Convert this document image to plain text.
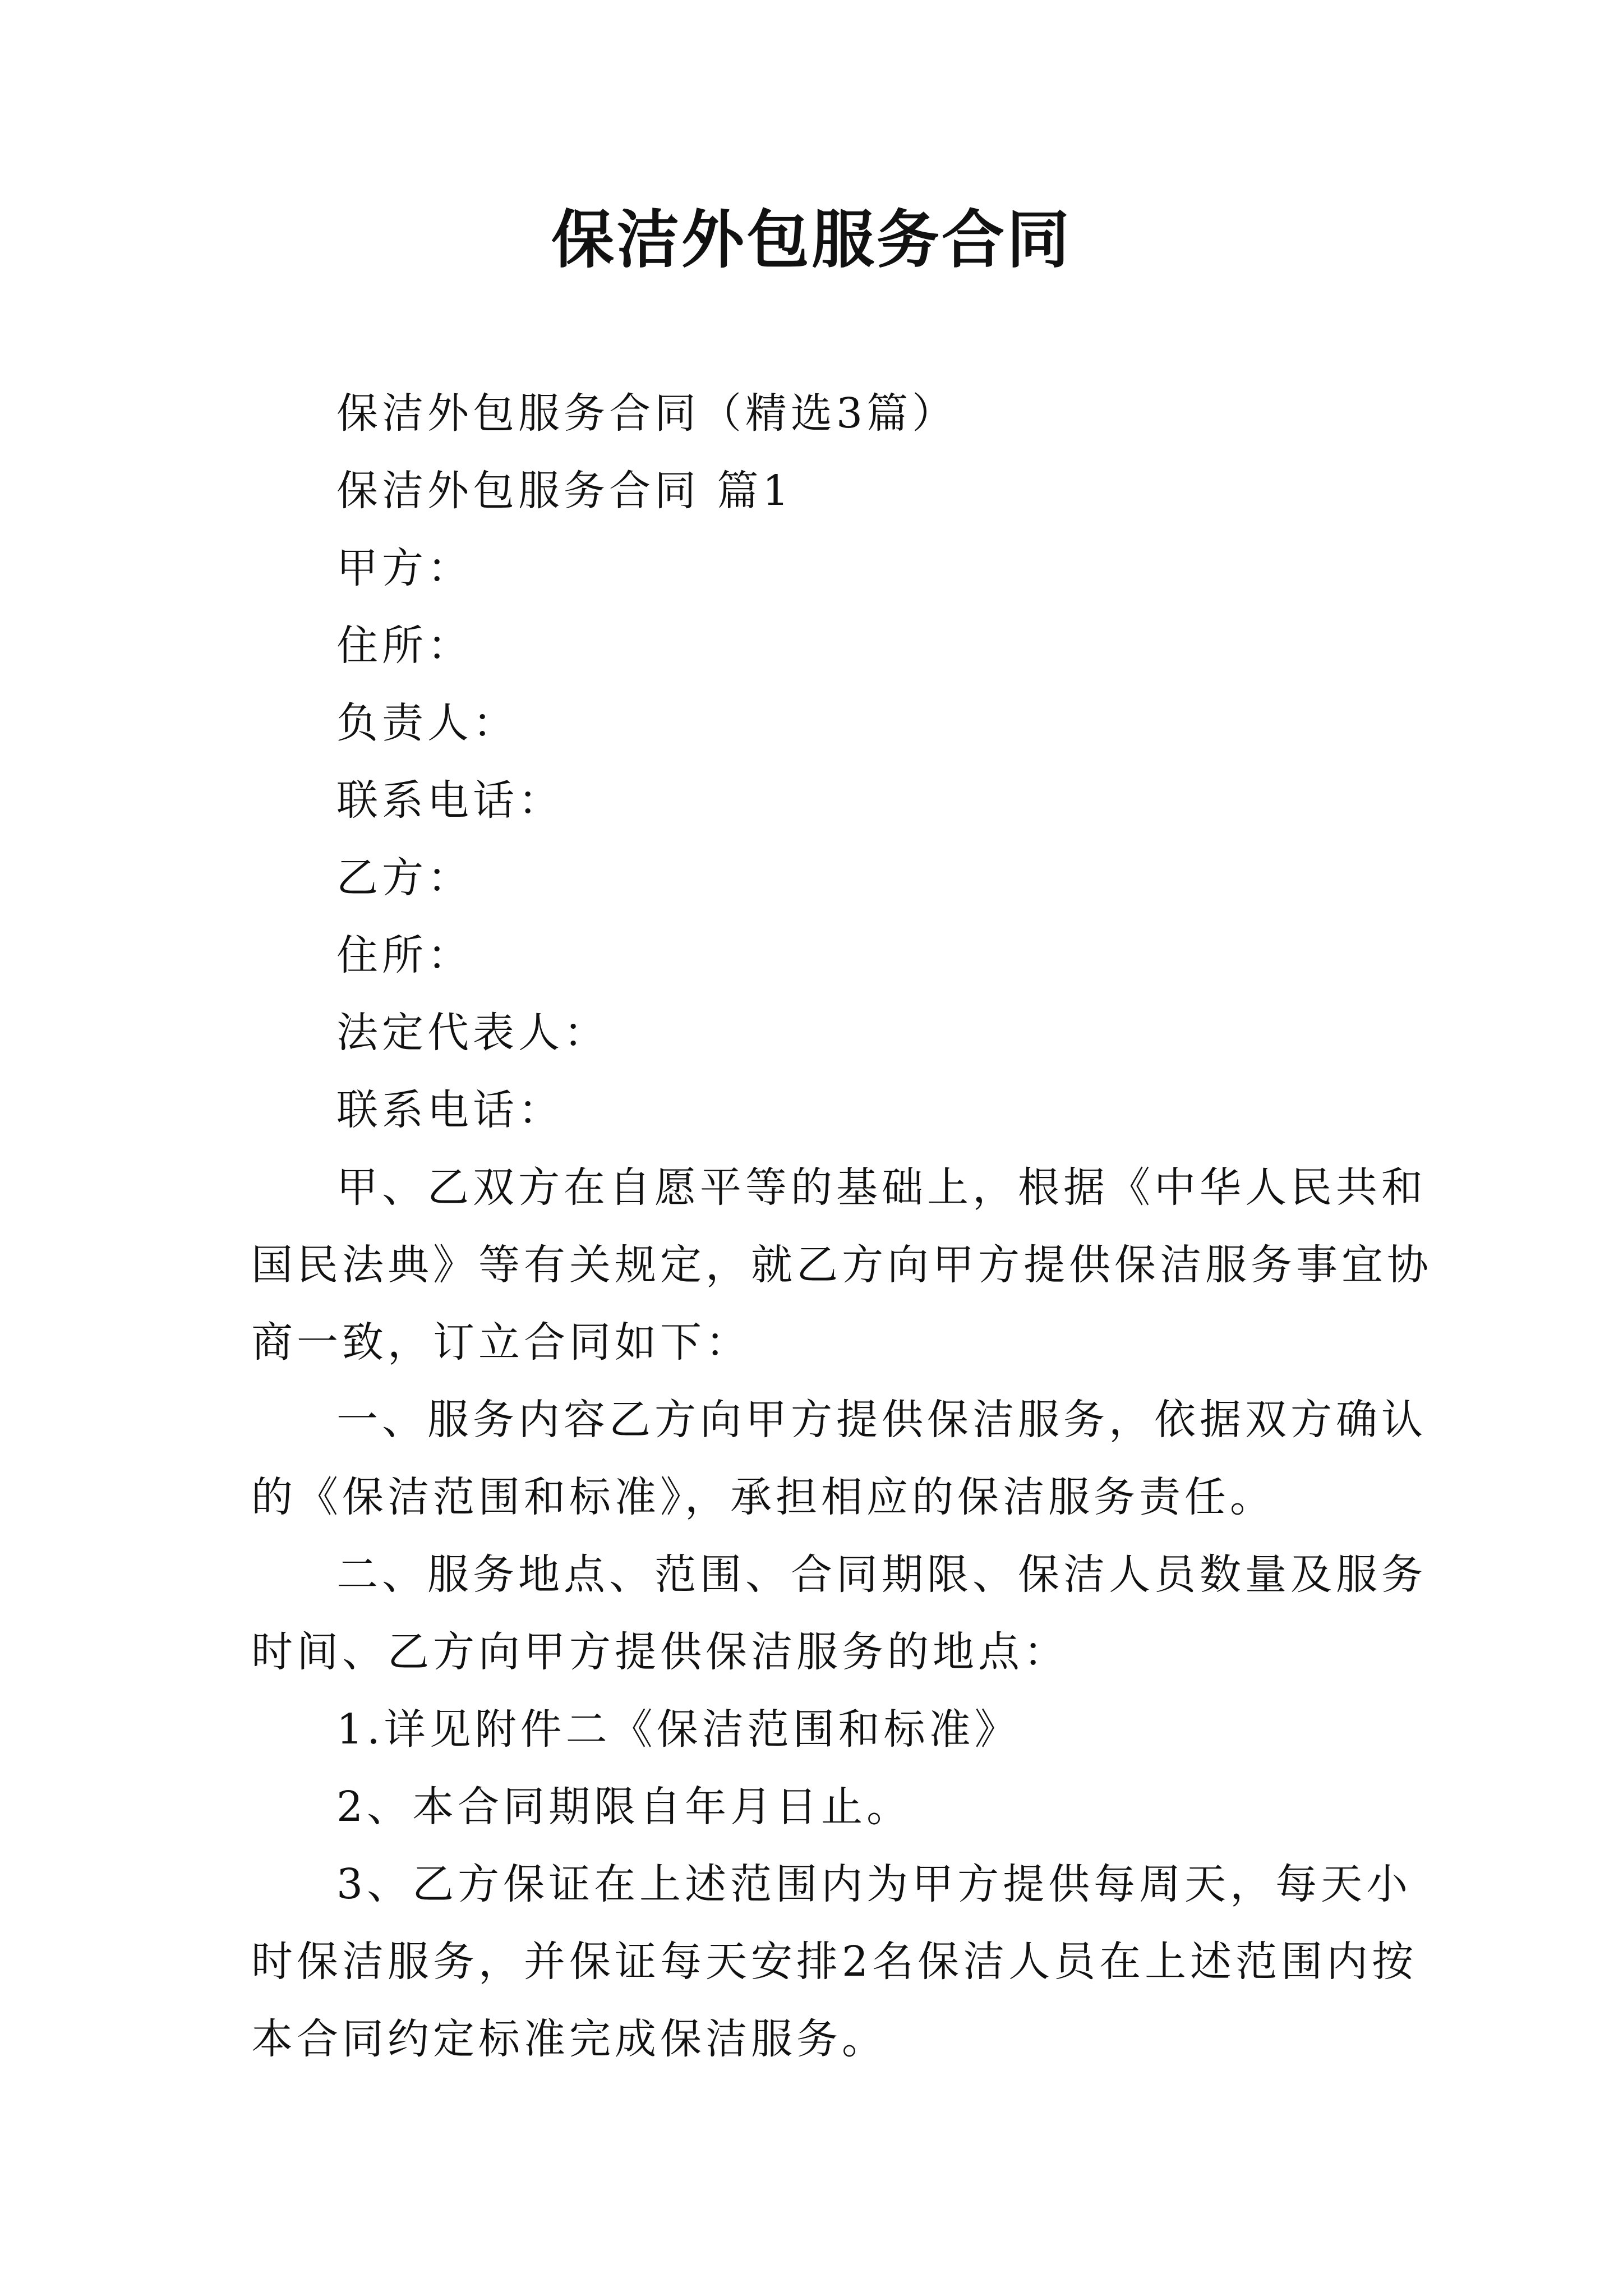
保洁外包服务合同
保洁外包服务合同（精选3篇）
保洁外包服务合同 篇1
甲方：
住所：
负责人：
联系电话：
乙方：
住所：
法定代表人：
联系电话：
甲、乙双方在自愿平等的基础上，根据《中华人民共和
国民法典》等有关规定，就乙方向甲方提供保洁服务事宜协
商一致，订立合同如下：
一、服务内容乙方向甲方提供保洁服务，依据双方确认
的《保洁范围和标准》，承担相应的保洁服务责任。
二、服务地点、范围、合同期限、保洁人员数量及服务
时间、乙方向甲方提供保洁服务的地点：
1.详见附件二《保洁范围和标准》
2、本合同期限自年月日止。
3、乙方保证在上述范围内为甲方提供每周天，每天小
时保洁服务，并保证每天安排2名保洁人员在上述范围内按
本合同约定标准完成保洁服务。
